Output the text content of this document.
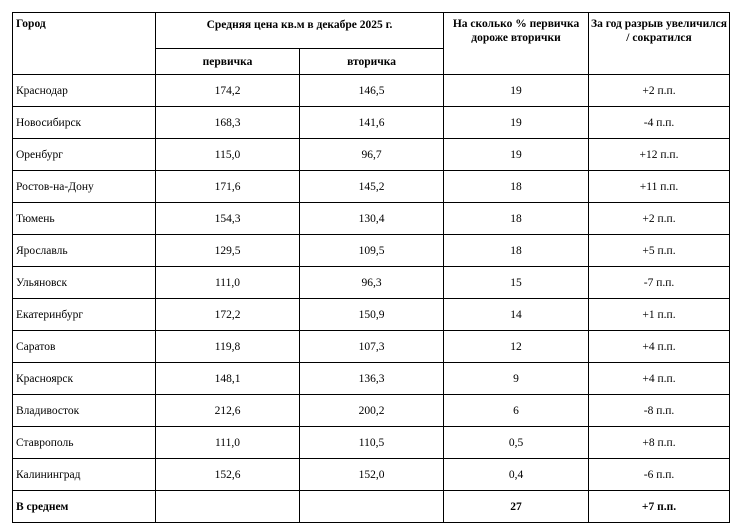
Город	Средняя цена кв.м в декабре 2025 г.		На сколько % первичка дороже вторички	За год разрыв увеличился / сократился
	первичка	вторичка		
Краснодар	174,2	146,5	19	+2 п.п.
Новосибирск	168,3	141,6	19	-4 п.п.
Оренбург	115,0	96,7	19	+12 п.п.
Ростов-на-Дону	171,6	145,2	18	+11 п.п.
Тюмень	154,3	130,4	18	+2 п.п.
Ярославль	129,5	109,5	18	+5 п.п.
Ульяновск	111,0	96,3	15	-7 п.п.
Екатеринбург	172,2	150,9	14	+1 п.п.
Саратов	119,8	107,3	12	+4 п.п.
Красноярск	148,1	136,3	9	+4 п.п.
Владивосток	212,6	200,2	6	-8 п.п.
Ставрополь	111,0	110,5	0,5	+8 п.п.
Калининград	152,6	152,0	0,4	-6 п.п.
В среднем			27	+7 п.п.
